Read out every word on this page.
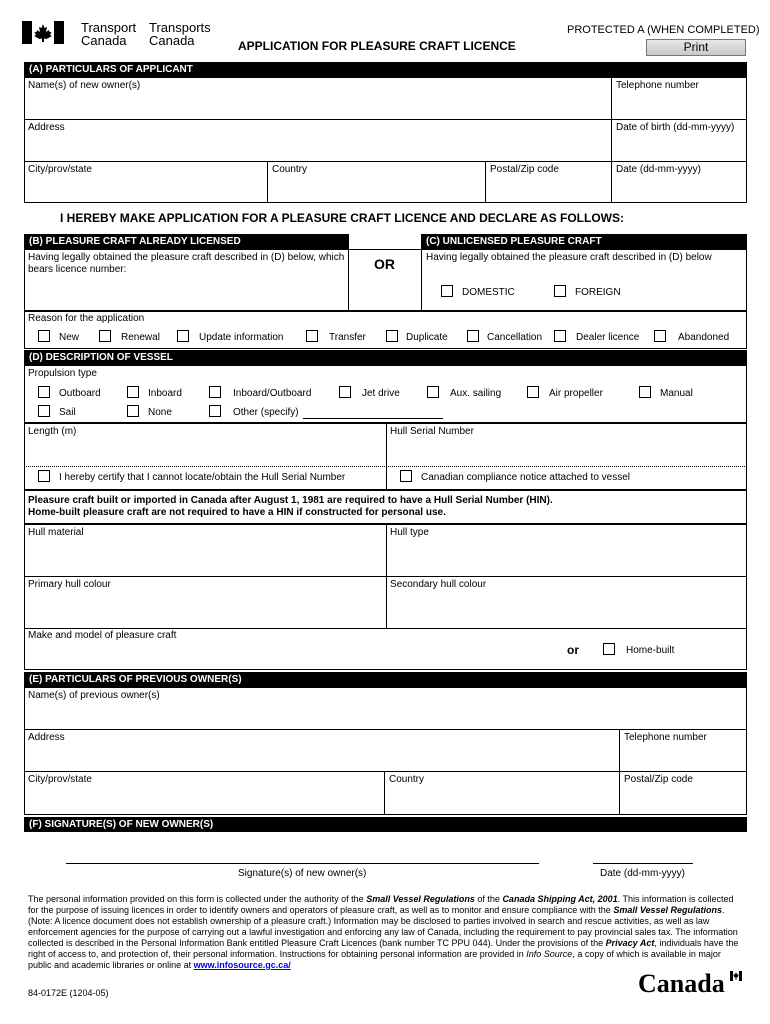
Transport
Canada
Transports
Canada	APPLICATION FOR PLEASURE CRAFT LICENCE
PROTECTED A (WHEN COMPLETED)
Print
(A) PARTICULARS OF APPLICANT
Name(s) of new owner(s)	Telephone number
Address	Date of birth (dd-mm-yyyy)
City/prov/state	Country	Postal/Zip code	Date (dd-mm-yyyy)
I HEREBY MAKE APPLICATION FOR A PLEASURE CRAFT LICENCE AND DECLARE AS FOLLOWS:
(B) PLEASURE CRAFT ALREADY LICENSED	(C) UNLICENSED PLEASURE CRAFT
Having legally obtained the pleasure craft described in (D) below, which
bears licence number:	OR	Having legally obtained the pleasure craft described in (D) below
DOMESTIC	FOREIGN
Reason for the application
New	Renewal	Update information	Transfer	Duplicate	Cancellation	Dealer licence	Abandoned
(D) DESCRIPTION OF VESSEL
Propulsion type
Outboard	Inboard	Inboard/Outboard	Jet drive	Aux. sailing	Air propeller	Manual
Sail	None	Other (specify)
Length (m)	Hull Serial Number
I hereby certify that I cannot locate/obtain the Hull Serial Number	Canadian compliance notice attached to vessel
Pleasure craft built or imported in Canada after August 1, 1981 are required to have a Hull Serial Number (HIN).
Home-built pleasure craft are not required to have a HIN if constructed for personal use.
Hull material	Hull type
Primary hull colour	Secondary hull colour
Make and model of pleasure craft
or	Home-built
(E) PARTICULARS OF PREVIOUS OWNER(S)
Name(s) of previous owner(s)
Address	Telephone number
City/prov/state	Country	Postal/Zip code
(F) SIGNATURE(S) OF NEW OWNER(S)
Signature(s) of new owner(s)	Date (dd-mm-yyyy)

The personal information provided on this form is collected under the authority of the Small Vessel Regulations of the Canada Shipping Act, 2001. This information is collected for the purpose of issuing licences in order to identify owners and operators of pleasure craft, as well as to monitor and ensure compliance with the Small Vessel Regulations. (Note: A licence document does not establish ownership of a pleasure craft.) Information may be disclosed to parties involved in search and rescue activities, as well as law enforcement agencies for the purpose of carrying out a lawful investigation and enforcing any law of Canada, including the requirement to pay provincial sales tax. The information collected is described in the Personal Information Bank entitled Pleasure Craft Licences (bank number TC PPU 044). Under the provisions of the Privacy Act, individuals have the right of access to, and protection of, their personal information. Instructions for obtaining personal information are provided in Info Source, a copy of which is available in major public and academic libraries or online at www.infosource.gc.ca/

84-0172E (1204-05)	Canada
